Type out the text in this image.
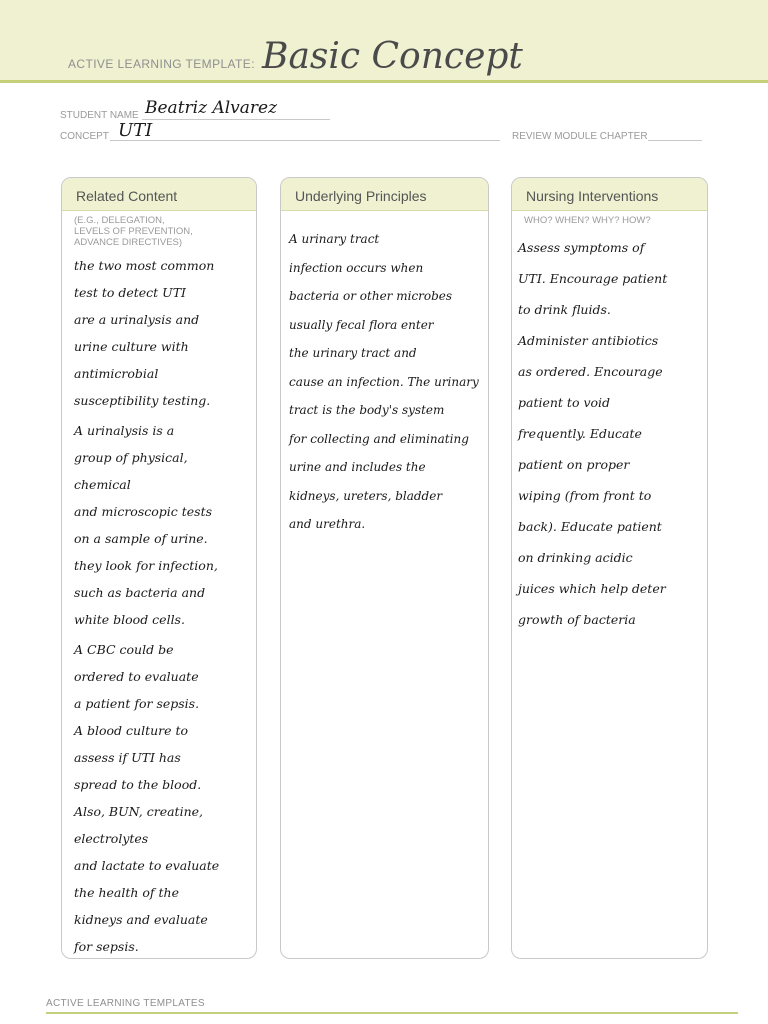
ACTIVE LEARNING TEMPLATE: Basic Concept
STUDENT NAME Beatriz Alvarez
CONCEPT UTI	REVIEW MODULE CHAPTER
Related Content
(E.G., DELEGATION,
LEVELS OF PREVENTION,
ADVANCE DIRECTIVES)

the two most common
test to detect UTI
are a urinalysis and
urine culture with
antimicrobial
susceptibility testing.

A urinalysis is a
group of physical, chemical
and microscopic tests
on a sample of urine.
they look for infection,
such as bacteria and
white blood cells.

A CBC could be
ordered to evaluate
a patient for sepsis.
A blood culture to
assess if UTI has
spread to the blood.
Also, BUN, creatine, electrolytes
and lactate to evaluate
the health of the
kidneys and evaluate
for sepsis.

Underlying Principles

A urinary tract
infection occurs when
bacteria or other microbes
usually fecal flora enter
the urinary tract and
cause an infection. The urinary
tract is the body's system
for collecting and eliminating
urine and includes the
kidneys, ureters, bladder
and urethra.

Nursing Interventions
WHO? WHEN? WHY? HOW?

Assess symptoms of
UTI. Encourage patient
to drink fluids.
Administer antibiotics
as ordered. Encourage
patient to void
frequently. Educate
patient on proper
wiping (from front to
back). Educate patient
on drinking acidic
juices which help deter
growth of bacteria

ACTIVE LEARNING TEMPLATES
